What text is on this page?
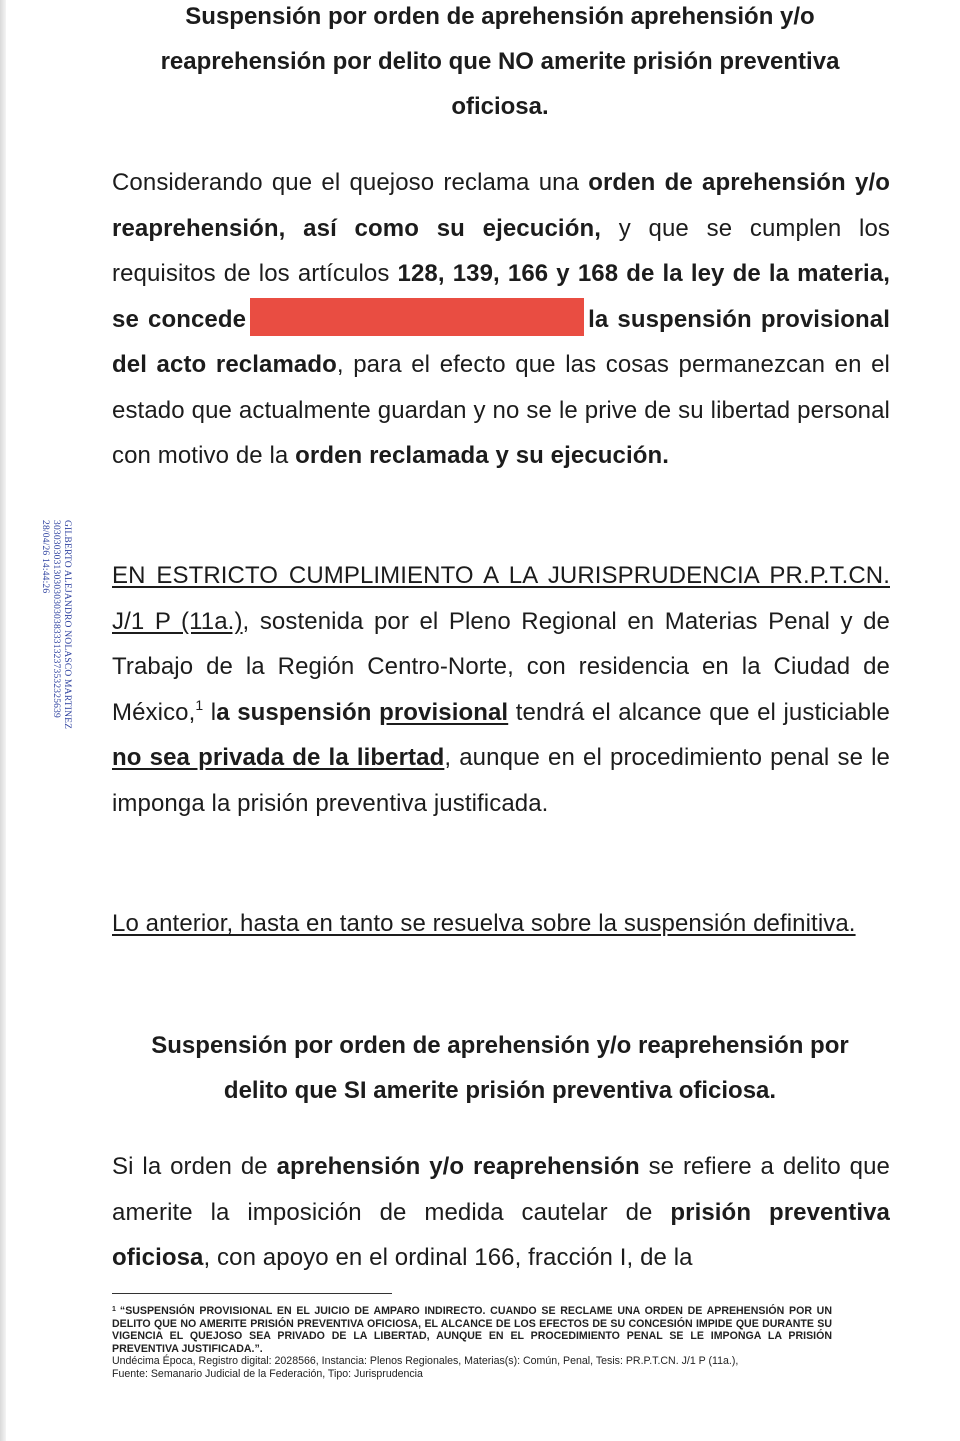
GILBERTO ALEJANDRO NOLASCO MARTINEZ
3030303031303030303038333132373532325639
28/04/26 14:44:26
Suspensión por orden de aprehensión aprehensión y/o
reaprehensión por delito que NO amerite prisión preventiva
oficiosa.

Considerando que el quejoso reclama una orden de aprehensión y/o reaprehensión, así como su ejecución, y que se cumplen los requisitos de los artículos 128, 139, 166 y 168 de la ley de la materia, se concede	la suspensión provisional del acto reclamado, para el efecto que las cosas permanezcan en el estado que actualmente guardan y no se le prive de su libertad personal con motivo de la orden reclamada y su ejecución.

EN ESTRICTO CUMPLIMIENTO A LA JURISPRUDENCIA PR.P.T.CN. J/1 P (11a.), sostenida por el Pleno Regional en Materias Penal y de Trabajo de la Región Centro-Norte, con residencia en la Ciudad de México,$^1$ la suspensión provisional tendrá el alcance que el justiciable no sea privada de la libertad, aunque en el procedimiento penal se le imponga la prisión preventiva justificada.

Lo anterior, hasta en tanto se resuelva sobre la suspensión definitiva.

Suspensión por orden de aprehensión y/o reaprehensión por
delito que SI amerite prisión preventiva oficiosa.

Si la orden de aprehensión y/o reaprehensión se refiere a delito que amerite la imposición de medida cautelar de prisión preventiva oficiosa, con apoyo en el ordinal 166, fracción I, de la

$^1$ “SUSPENSIÓN PROVISIONAL EN EL JUICIO DE AMPARO INDIRECTO. CUANDO SE RECLAME UNA ORDEN DE APREHENSIÓN POR UN DELITO QUE NO AMERITE PRISIÓN PREVENTIVA OFICIOSA, EL ALCANCE DE LOS EFECTOS DE SU CONCESIÓN IMPIDE QUE DURANTE SU VIGENCIA EL QUEJOSO SEA PRIVADO DE LA LIBERTAD, AUNQUE EN EL PROCEDIMIENTO PENAL SE LE IMPONGA LA PRISIÓN PREVENTIVA JUSTIFICADA.”.
Undécima Época, Registro digital: 2028566, Instancia: Plenos Regionales, Materias(s): Común, Penal, Tesis: PR.P.T.CN. J/1 P (11a.),
Fuente: Semanario Judicial de la Federación, Tipo: Jurisprudencia
